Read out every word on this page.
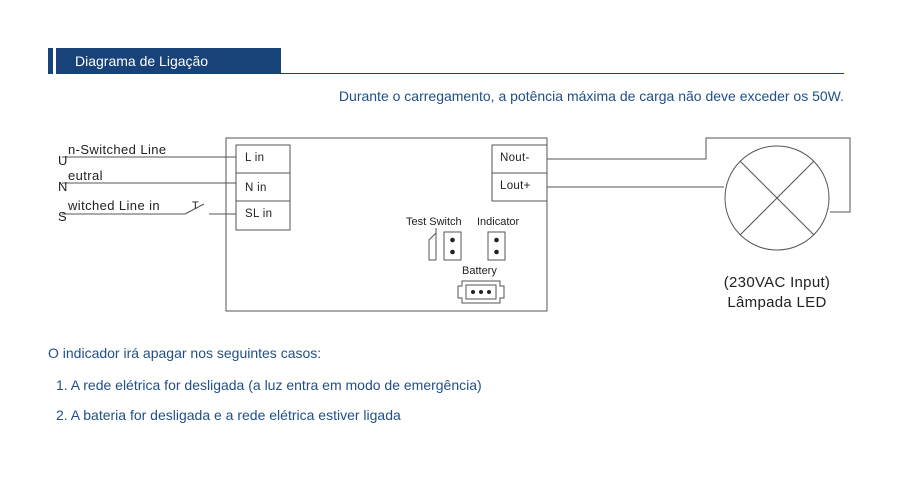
Diagrama de Ligação
Durante o carregamento, a potência máxima de carga não deve exceder os 50W.
n-Switched Line
U
eutral
N
witched Line in
S
T
L in
N in
SL in
Nout-
Lout+
Test Switch Indicator
Battery
(230VAC Input)
Lâmpada LED
O indicador irá apagar nos seguintes casos:
1. A rede elétrica for desligada (a luz entra em modo de emergência)
2. A bateria for desligada e a rede elétrica estiver ligada
